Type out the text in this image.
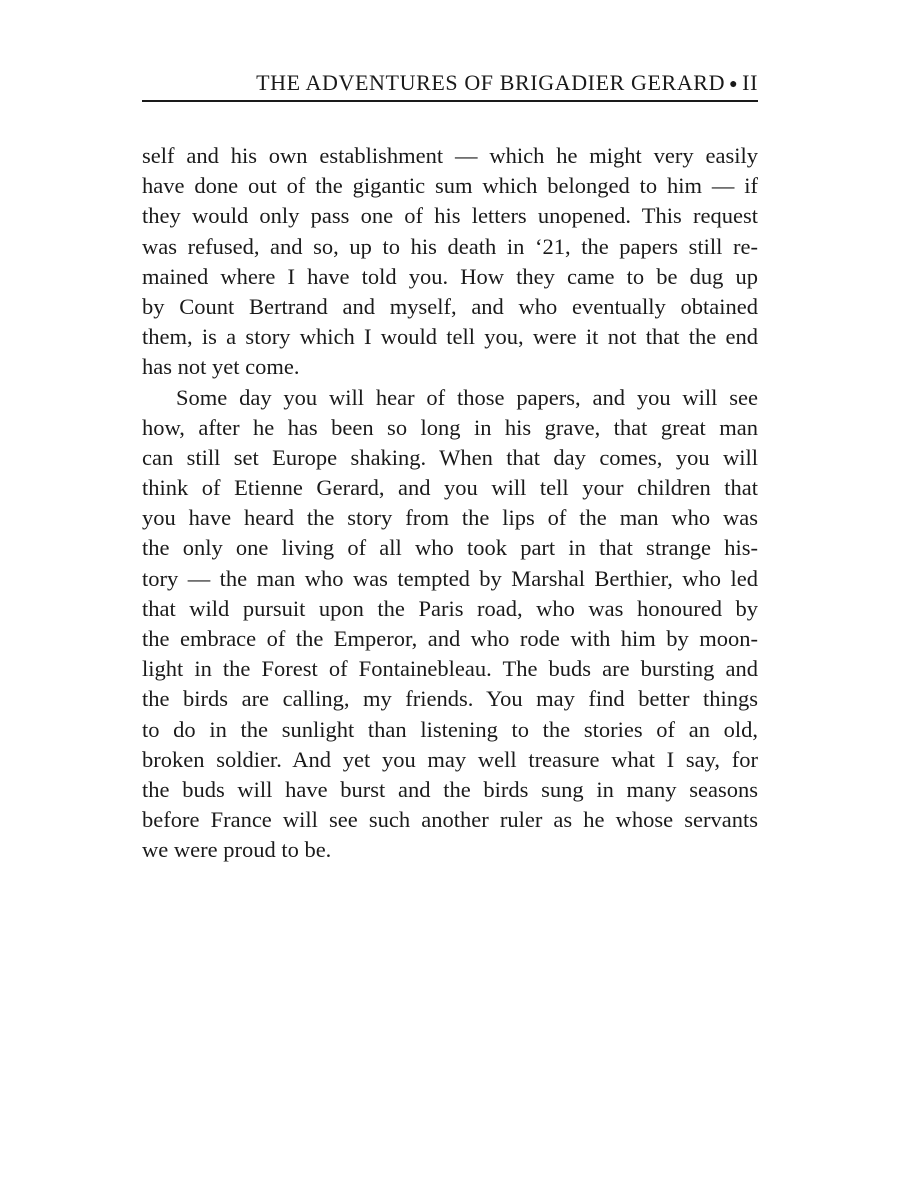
THE ADVENTURES OF BRIGADIER GERARD ● II

self and his own establishment — which he might very easily
have done out of the gigantic sum which belonged to him — if
they would only pass one of his letters unopened. This request
was refused, and so, up to his death in ‘21, the papers still re-
mained where I have told you. How they came to be dug up
by Count Bertrand and myself, and who eventually obtained
them, is a story which I would tell you, were it not that the end
has not yet come.

Some day you will hear of those papers, and you will see
how, after he has been so long in his grave, that great man
can still set Europe shaking. When that day comes, you will
think of Etienne Gerard, and you will tell your children that
you have heard the story from the lips of the man who was
the only one living of all who took part in that strange his-
tory — the man who was tempted by Marshal Berthier, who led
that wild pursuit upon the Paris road, who was honoured by
the embrace of the Emperor, and who rode with him by moon-
light in the Forest of Fontainebleau. The buds are bursting and
the birds are calling, my friends. You may find better things
to do in the sunlight than listening to the stories of an old,
broken soldier. And yet you may well treasure what I say, for
the buds will have burst and the birds sung in many seasons
before France will see such another ruler as he whose servants
we were proud to be.
